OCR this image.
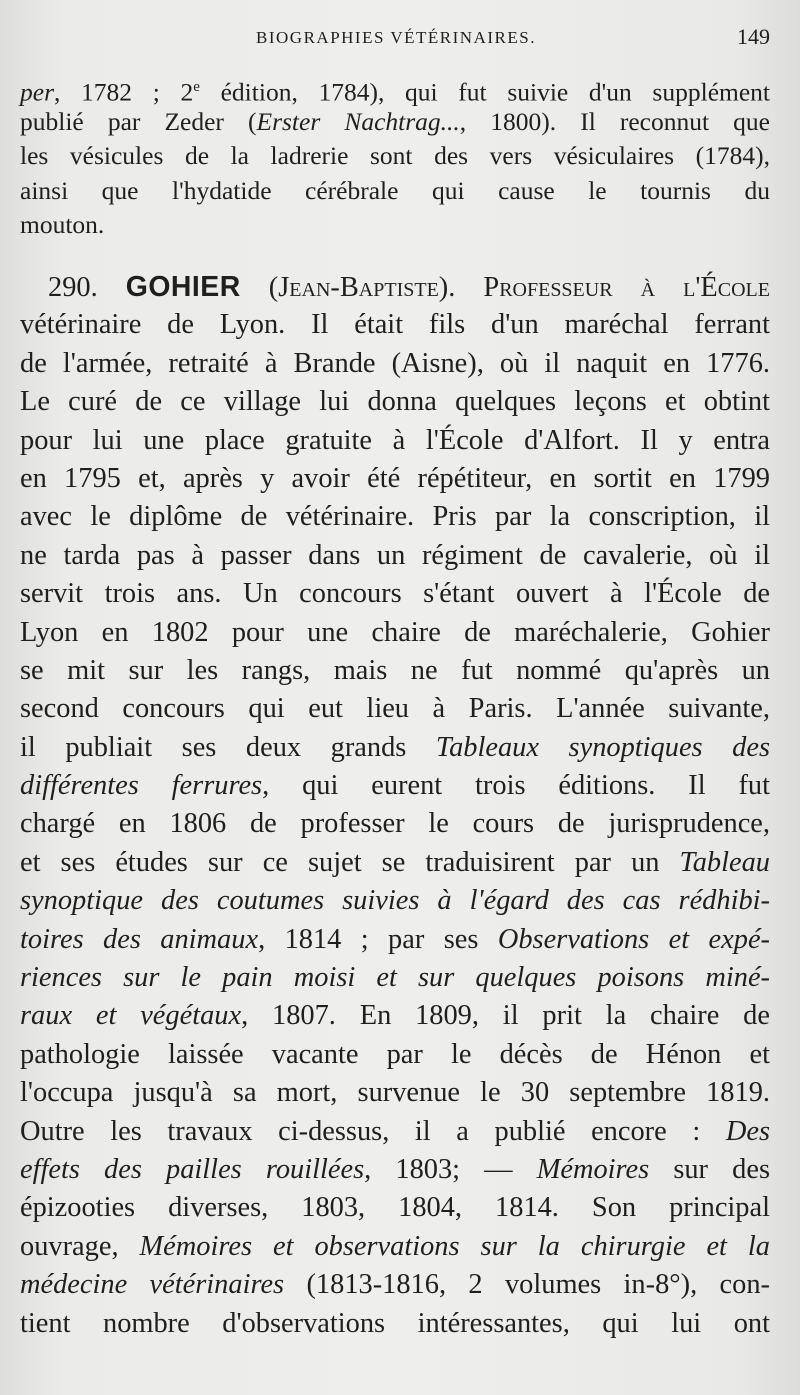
BIOGRAPHIES VÉTÉRINAIRES.	149
per, 1782 ; 2e édition, 1784), qui fut suivie d'un supplément
publié par Zeder (Erster Nachtrag..., 1800). Il reconnut que
les vésicules de la ladrerie sont des vers vésiculaires (1784),
ainsi que l'hydatide cérébrale qui cause le tournis du
mouton.
290. GOHIER (Jean-Baptiste). Professeur à l'École
vétérinaire de Lyon. Il était fils d'un maréchal ferrant
de l'armée, retraité à Brande (Aisne), où il naquit en 1776.
Le curé de ce village lui donna quelques leçons et obtint
pour lui une place gratuite à l'École d'Alfort. Il y entra
en 1795 et, après y avoir été répétiteur, en sortit en 1799
avec le diplôme de vétérinaire. Pris par la conscription, il
ne tarda pas à passer dans un régiment de cavalerie, où il
servit trois ans. Un concours s'étant ouvert à l'École de
Lyon en 1802 pour une chaire de maréchalerie, Gohier
se mit sur les rangs, mais ne fut nommé qu'après un
second concours qui eut lieu à Paris. L'année suivante,
il publiait ses deux grands Tableaux synoptiques des
différentes ferrures, qui eurent trois éditions. Il fut
chargé en 1806 de professer le cours de jurisprudence,
et ses études sur ce sujet se traduisirent par un Tableau
synoptique des coutumes suivies à l'égard des cas rédhibi-
toires des animaux, 1814 ; par ses Observations et expé-
riences sur le pain moisi et sur quelques poisons miné-
raux et végétaux, 1807. En 1809, il prit la chaire de
pathologie laissée vacante par le décès de Hénon et
l'occupa jusqu'à sa mort, survenue le 30 septembre 1819.
Outre les travaux ci-dessus, il a publié encore : Des
effets des pailles rouillées, 1803; — Mémoires sur des
épizooties diverses, 1803, 1804, 1814. Son principal
ouvrage, Mémoires et observations sur la chirurgie et la
médecine vétérinaires (1813-1816, 2 volumes in-8°), con-
tient nombre d'observations intéressantes, qui lui ont
